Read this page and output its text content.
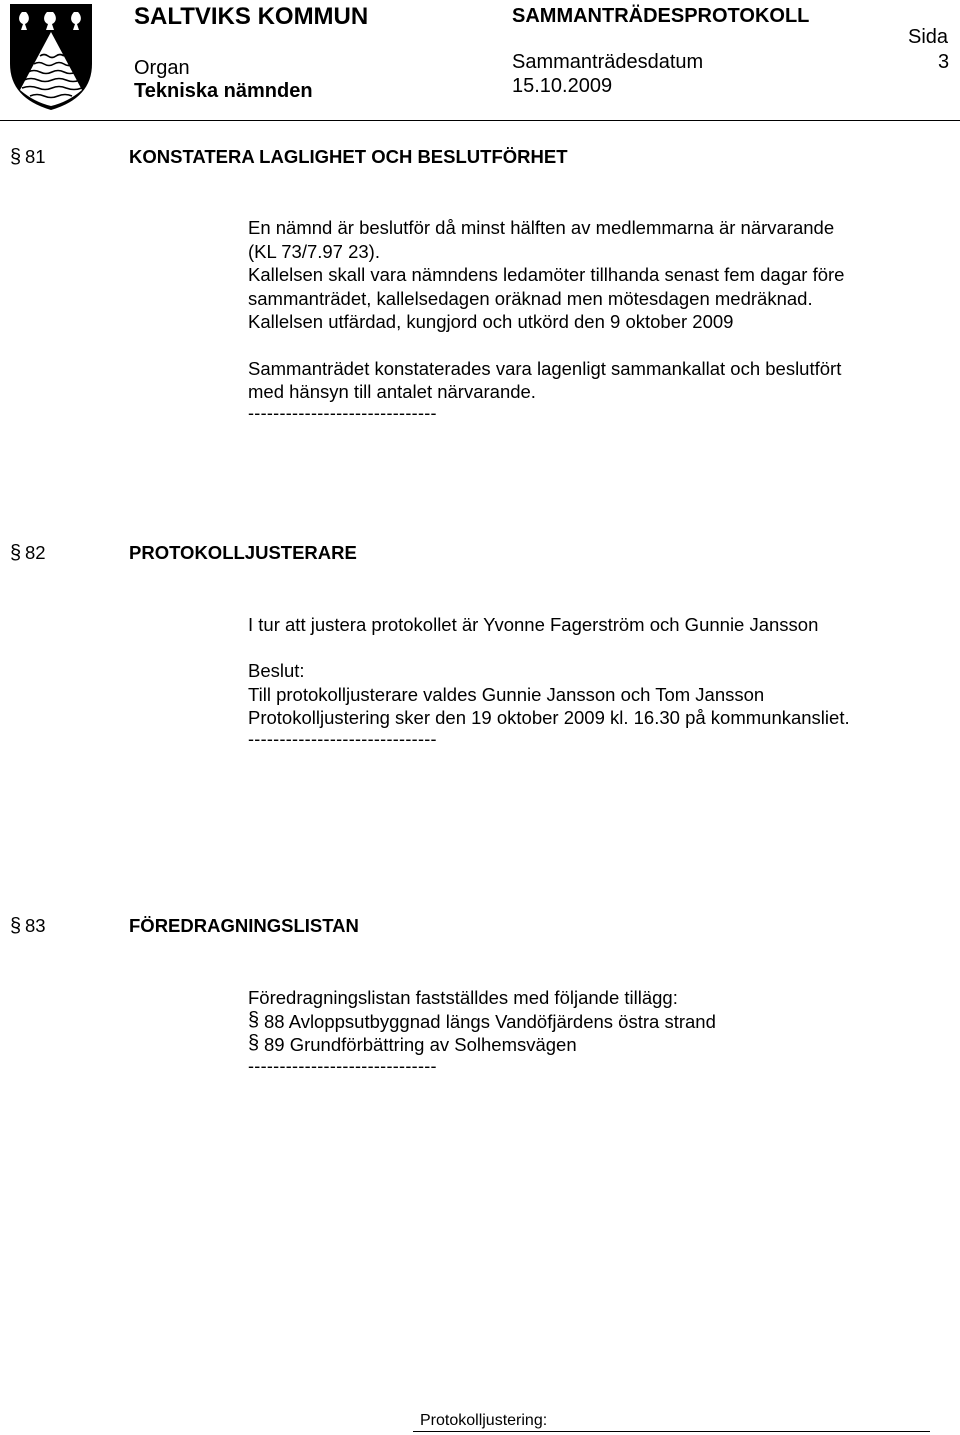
SALTVIKS KOMMUN	SAMMANTRÄDESPROTOKOLL
Sida
3
Organ
Tekniska nämnden
Sammanträdesdatum
15.10.2009
§ 81	KONSTATERA LAGLIGHET OCH BESLUTFÖRHET
En nämnd är beslutför då minst hälften av medlemmarna är närvarande
(KL 73/7.97 23).
Kallelsen skall vara nämndens ledamöter tillhanda senast fem dagar före
sammanträdet, kallelsedagen oräknad men mötesdagen medräknad.
Kallelsen utfärdad, kungjord och utkörd den 9 oktober 2009
Sammanträdet konstaterades vara lagenligt sammankallat och beslutfört
med hänsyn till antalet närvarande.
------------------------------
§ 82	PROTOKOLLJUSTERARE
I tur att justera protokollet är Yvonne Fagerström och Gunnie Jansson
Beslut:
Till protokolljusterare valdes Gunnie Jansson och Tom Jansson
Protokolljustering sker den 19 oktober 2009 kl. 16.30 på kommunkansliet.
------------------------------
§ 83	FÖREDRAGNINGSLISTAN
Föredragningslistan fastställdes med följande tillägg:
§ 88 Avloppsutbyggnad längs Vandöfjärdens östra strand
§ 89 Grundförbättring av Solhemsvägen
------------------------------
Protokolljustering:
